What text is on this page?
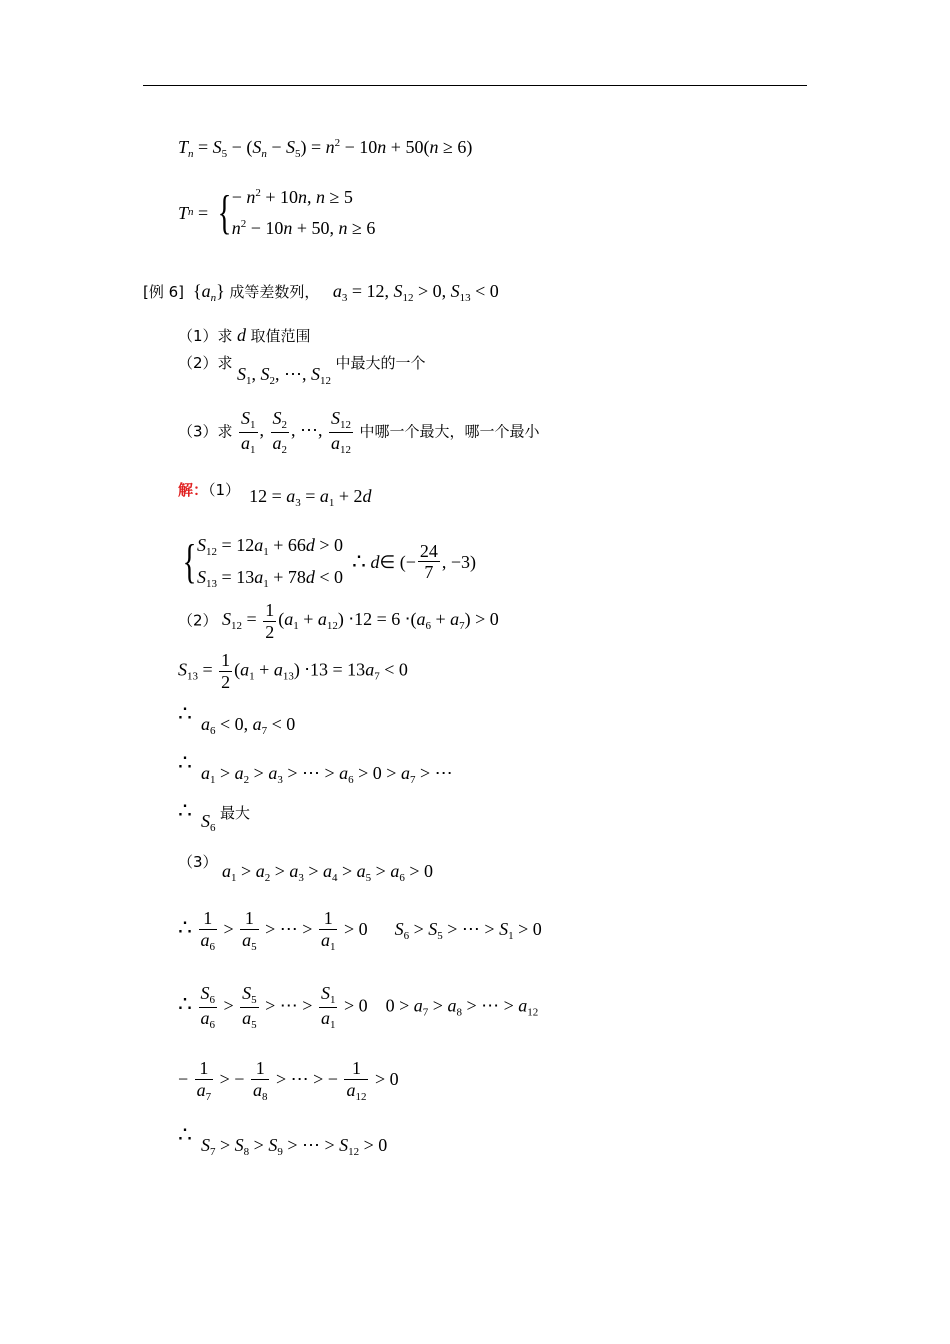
$T_n = S_5 - (S_n - S_5) = n^2 - 10n + 50(n \ge 6)$
T n = { − $n^2 + 10n$, n ≥ 5
$n^2 - 10n + 50$, n ≥ 6
[例 6]  $\{a_n\}$ 成等差数列， $a_3 = 12$, $S_{12} > 0$, $S_{13} < 0$
（1）求 d 取值范围
（2）求 $S_1$, $S_2$, ⋯, $S_{12}$ 中最大的一个
（3）求 $\frac{S_1}{a_1}$ , $\frac{S_2}{a_2}$ , ⋯, $\frac{S_{12}}{a_{12}}$ 中哪一个最大，哪一个最小
解：（1）  $12 = a_3 = a_1 + 2d$
{ $S_{12} = 12a_1 + 66d > 0$
$S_{13} = 13a_1 + 78d < 0$

∴
d ∈ (− $\frac{24}{7}$ , −3)
（2） $S_{12} = \frac{1}{2} (a_1 + a_{12}) \cdot 12 = 6 \cdot(a_6 + a_7) > 0$
$S_{13} = \frac{1}{2} (a_1 + a_{13}) \cdot 13 = 13a_7 < 0$
∴ $a_6 < 0$, $a_7 < 0$
∴ $a_1 > a_2 > a_3$ > ⋯ > $a_6 > 0 > a_7$ > ⋯
∴ $S_6$ 最大
（3） $a_1 > a_2 > a_3 > a_4 > a_5 > a_6 > 0$
∴ $\frac{1}{a_6} > \frac{1}{a_5}$ > ⋯ > $\frac{1}{a_1} > 0$      $S_6 > S_5$ > ⋯ > $S_1 > 0$
∴ $\frac{S_6}{a_6} > \frac{S_5}{a_5}$ > ⋯ > $\frac{S_1}{a_1} > 0$    $0 > a_7 > a_8$ > ⋯ > $a_{12}$
− $\frac{1}{a_7}$ > − $\frac{1}{a_8}$ > ⋯ > − $\frac{1}{a_{12}} > 0$
∴ $S_7 > S_8 > S_9$ > ⋯ > $S_{12} > 0$
